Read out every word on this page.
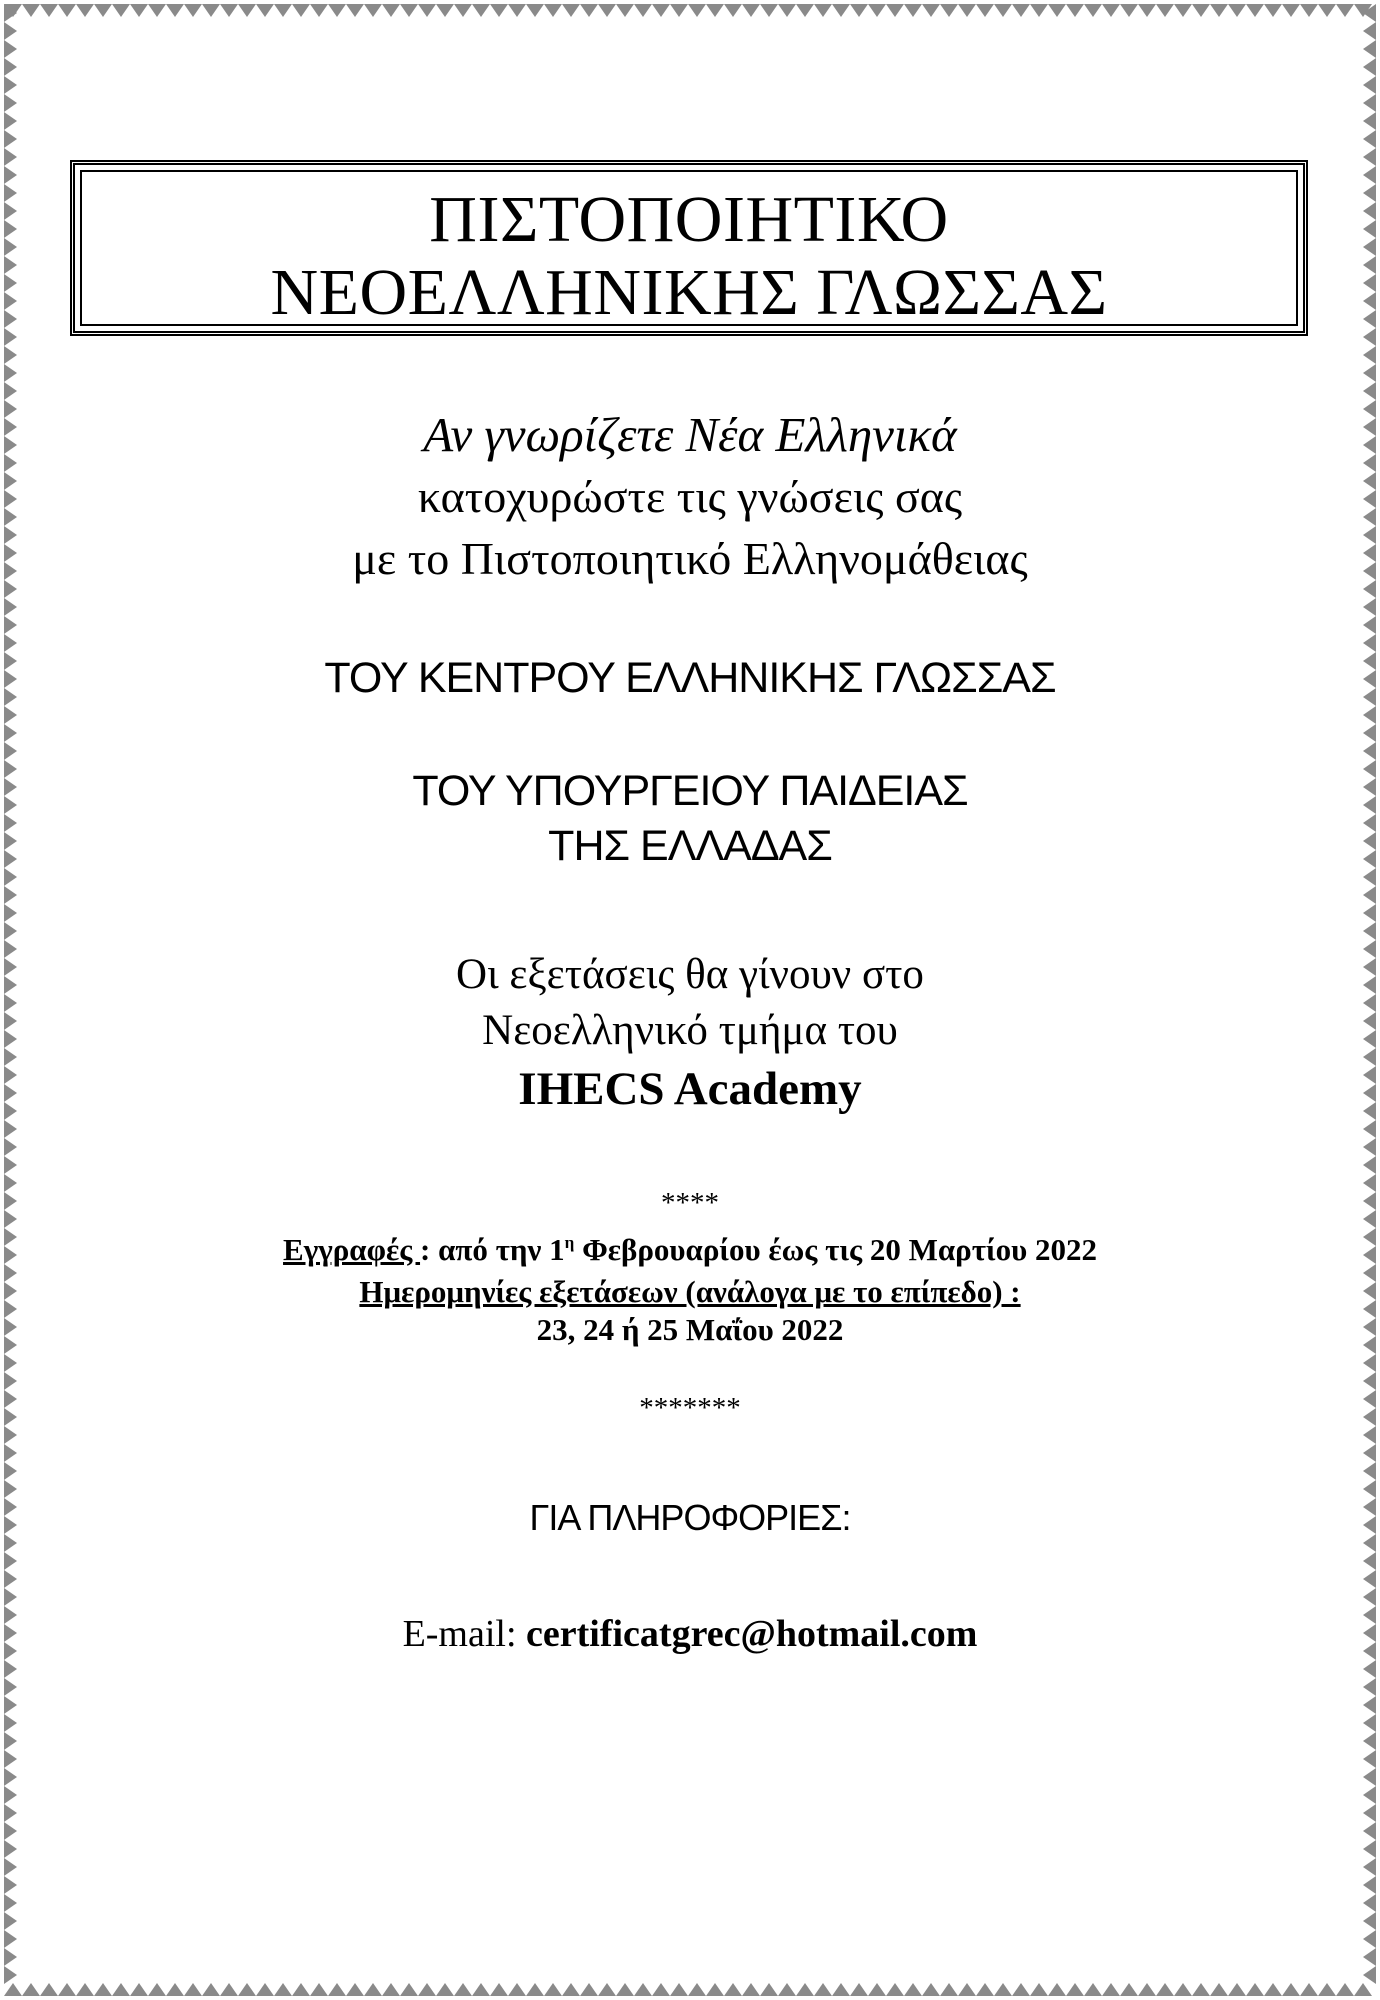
ΠΙΣΤΟΠΟΙΗΤΙΚΟ
ΝΕΟΕΛΛΗΝΙΚΗΣ ΓΛΩΣΣΑΣ
Αν γνωρίζετε Νέα Ελληνικά
κατοχυρώστε τις γνώσεις σας
με το Πιστοποιητικό Ελληνομάθειας
ΤΟΥ ΚΕΝΤΡΟΥ ΕΛΛΗΝΙΚΗΣ ΓΛΩΣΣΑΣ
ΤΟΥ ΥΠΟΥΡΓΕΙΟΥ ΠΑΙΔΕΙΑΣ
ΤΗΣ ΕΛΛΑΔΑΣ
Οι εξετάσεις θα γίνουν στο
Νεοελληνικό τμήμα του
IHECS Academy
****
Εγγραφές : από την $1^\eta$ Φεβρουαρίου έως τις 20 Μαρτίου 2022
Ημερομηνίες εξετάσεων (ανάλογα με το επίπεδο) :
23, 24 ή 25 Μαΐου 2022
*******
ΓΙΑ ΠΛΗΡΟΦΟΡΙΕΣ:
E-mail: certificatgrec@hotmail.com
